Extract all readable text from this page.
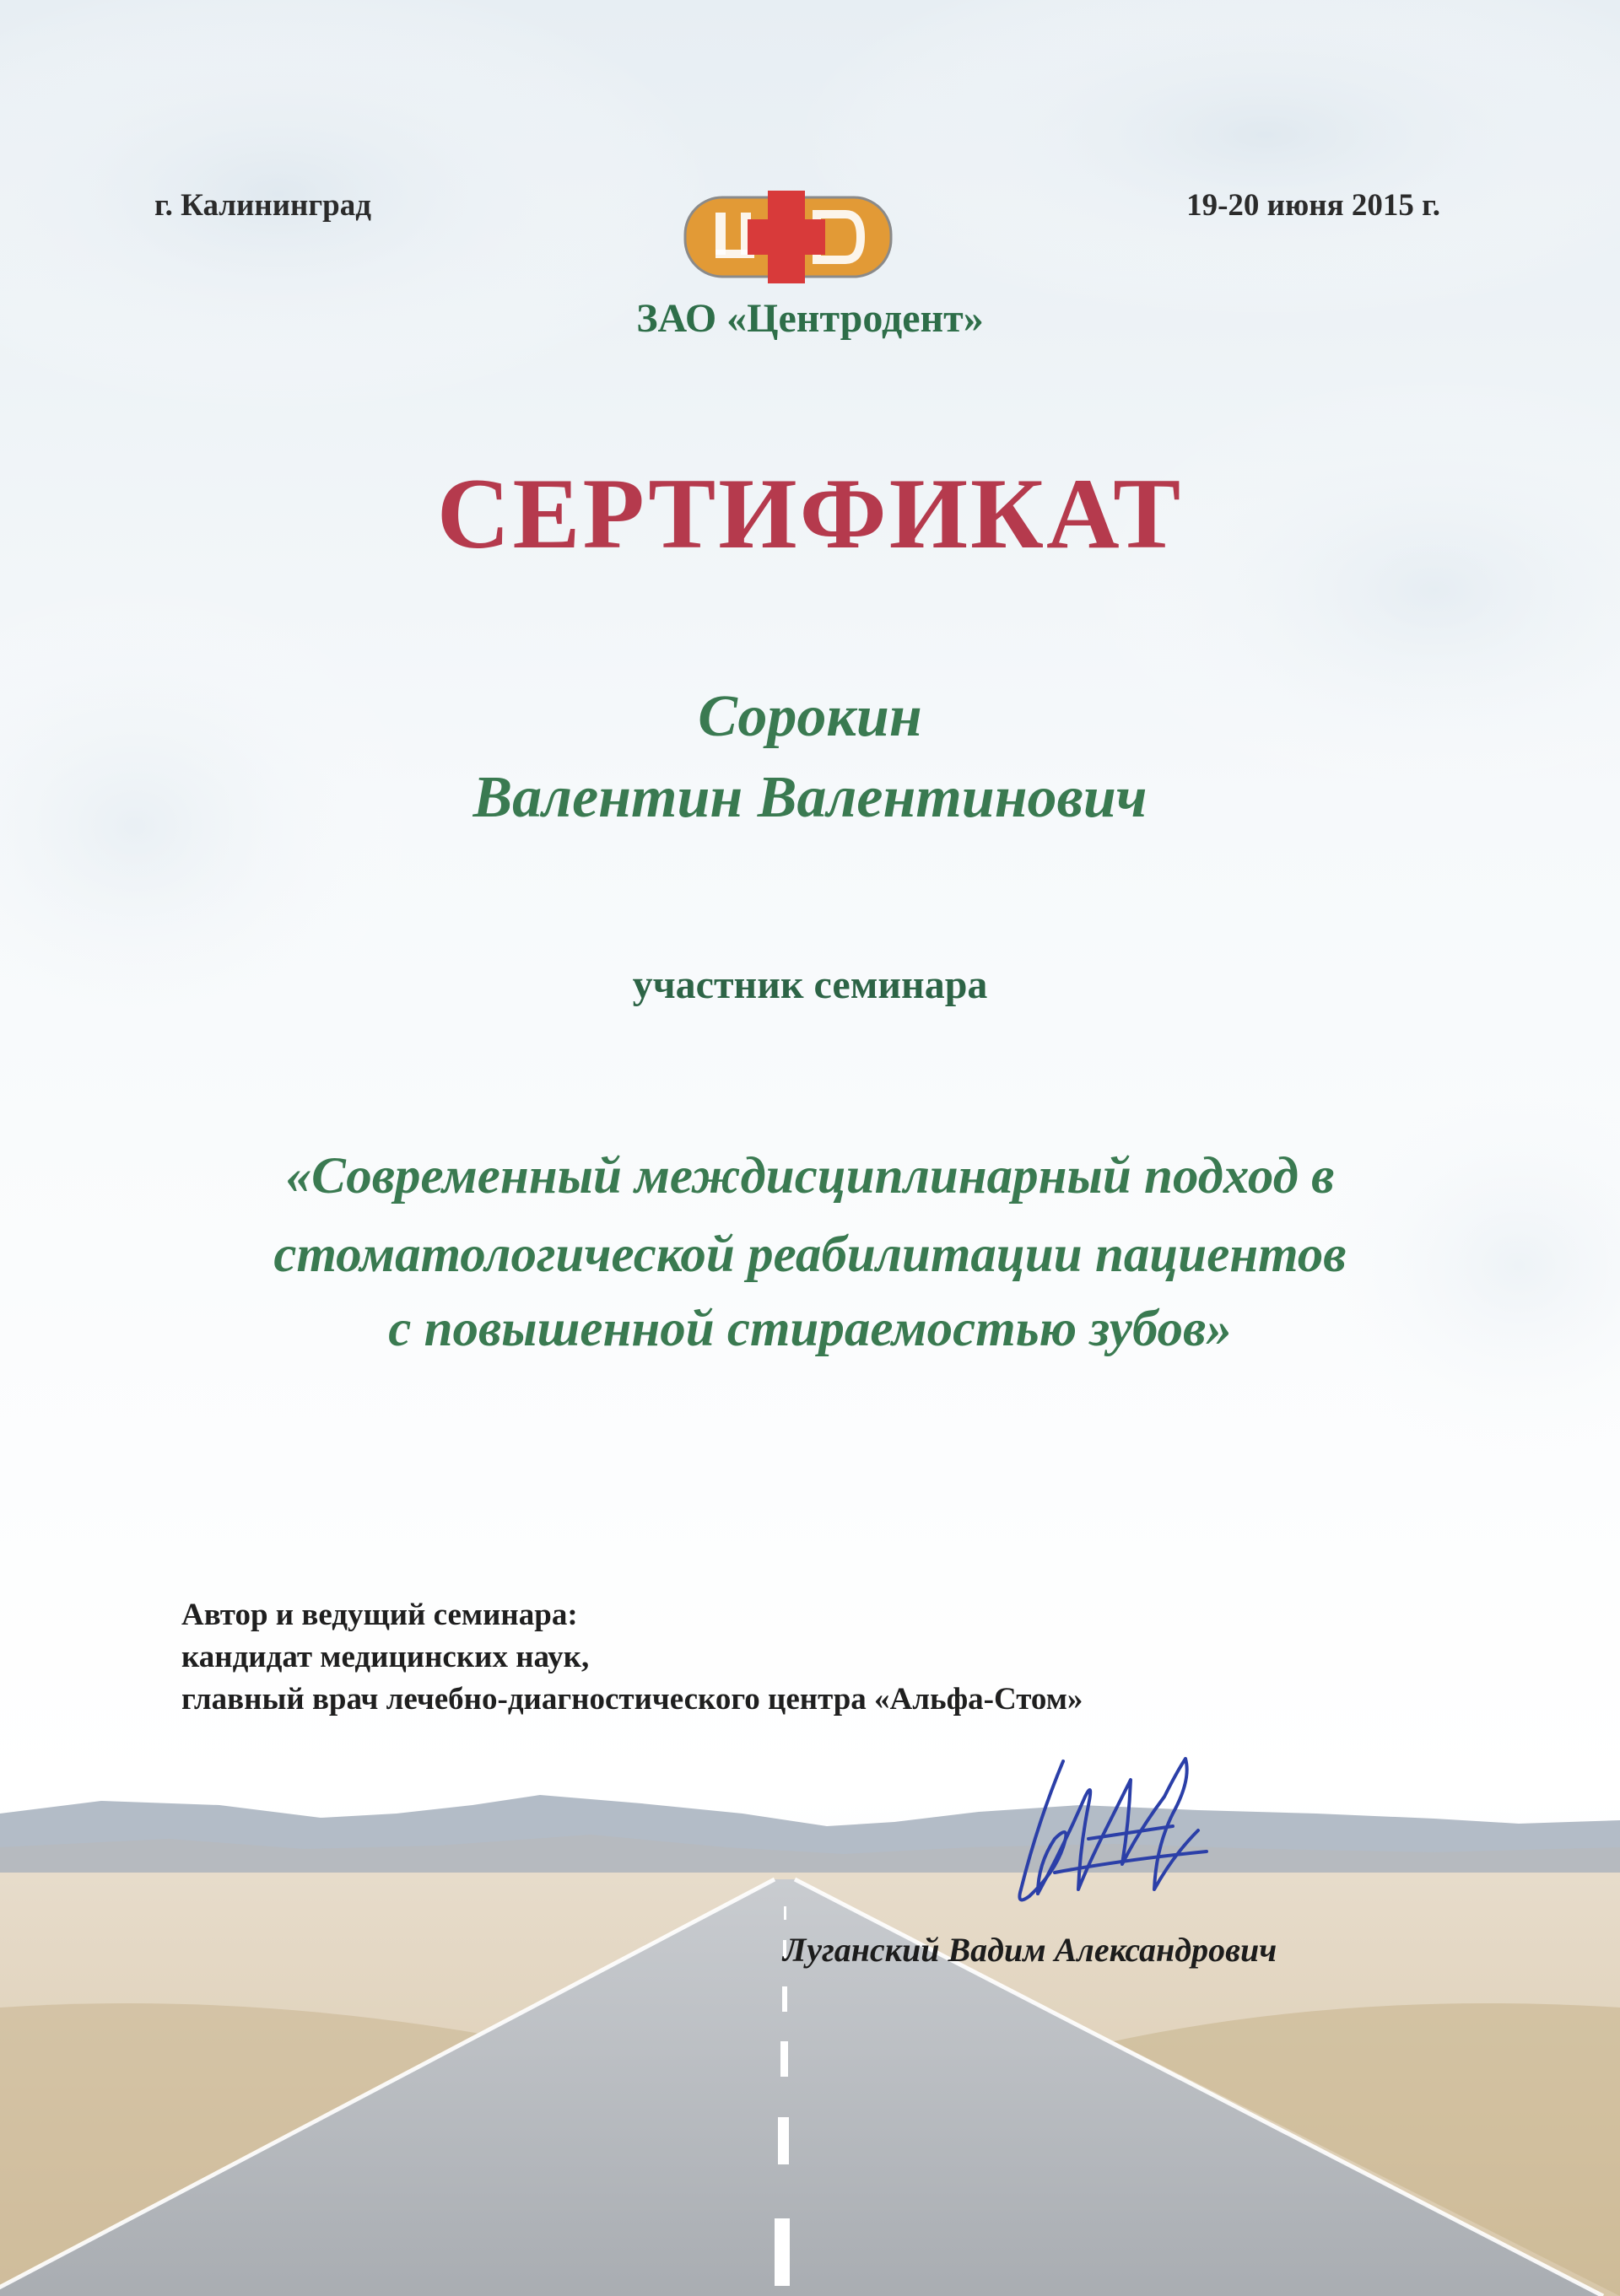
г. Калининград	19-20 июня 2015 г.

ЗАО «Центродент»

СЕРТИФИКАТ

Сорокин

Валентин Валентинович

участник семинара

«Современный междисциплинарный подход в

стоматологической реабилитации пациентов

с повышенной стираемостью зубов»

Автор и ведущий семинара:

кандидат медицинских наук,

главный врач лечебно-диагностического центра «Альфа-Стом»

Луганский Вадим Александрович
